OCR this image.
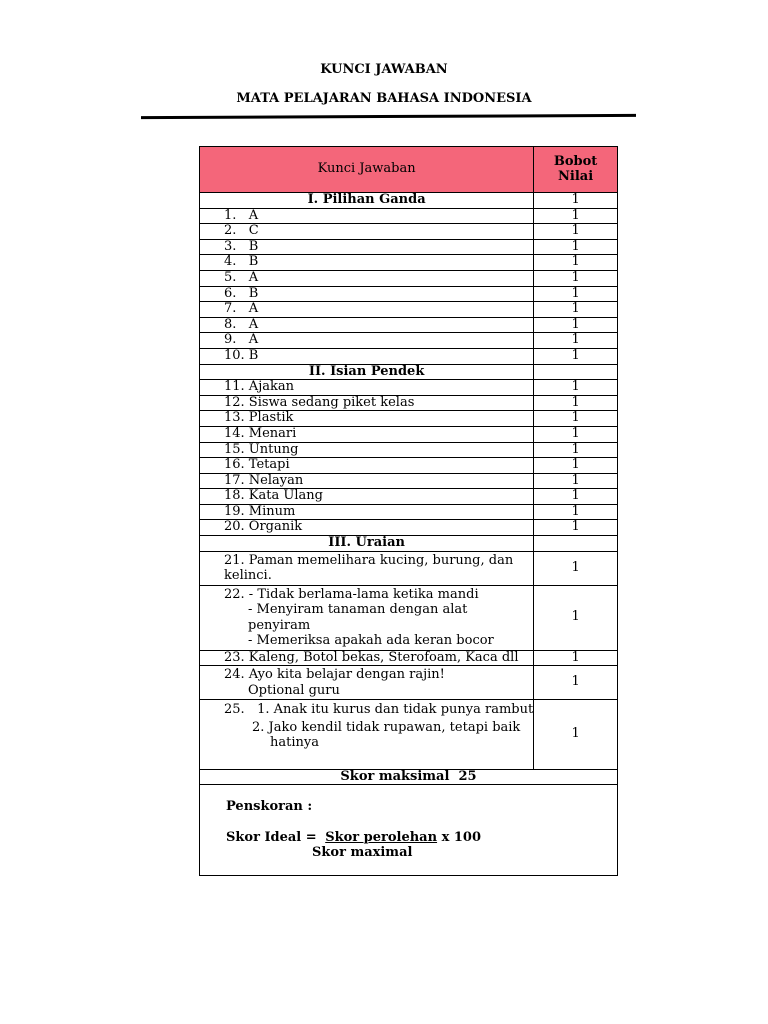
KUNCI JAWABAN
MATA PELAJARAN BAHASA INDONESIA
Kunci Jawaban	Bobot Nilai
I. Pilihan Ganda	1
1.   A	1
2.   C	1
3.   B	1
4.   B	1
5.   A	1
6.   B	1
7.   A	1
8.   A	1
9.   A	1
10. B	1
II. Isian Pendek	
11. Ajakan	1
12. Siswa sedang piket kelas	1
13. Plastik	1
14. Menari	1
15. Untung	1
16. Tetapi	1
17. Nelayan	1
18. Kata Ulang	1
19. Minum	1
20. Organik	1
III. Uraian	

21. Paman memelihara kucing, burung, dan
kelinci.	1

22. - Tidak berlama-lama ketika mandi
- Menyiram tanaman dengan alat penyiram
- Memeriksa apakah ada keran bocor	1
23. Kaleng, Botol bekas, Sterofoam, Kaca dll	1

24. Ayo kita belajar dengan rajin!
Optional guru	1

25.   1. Anak itu kurus dan tidak punya rambut
2. Jako kendil tidak rupawan, tetapi baik
hatinya	1
Skor maksimal  25	

Penskoran :
Skor Ideal = Skor perolehan x 100
Skor maximal	
